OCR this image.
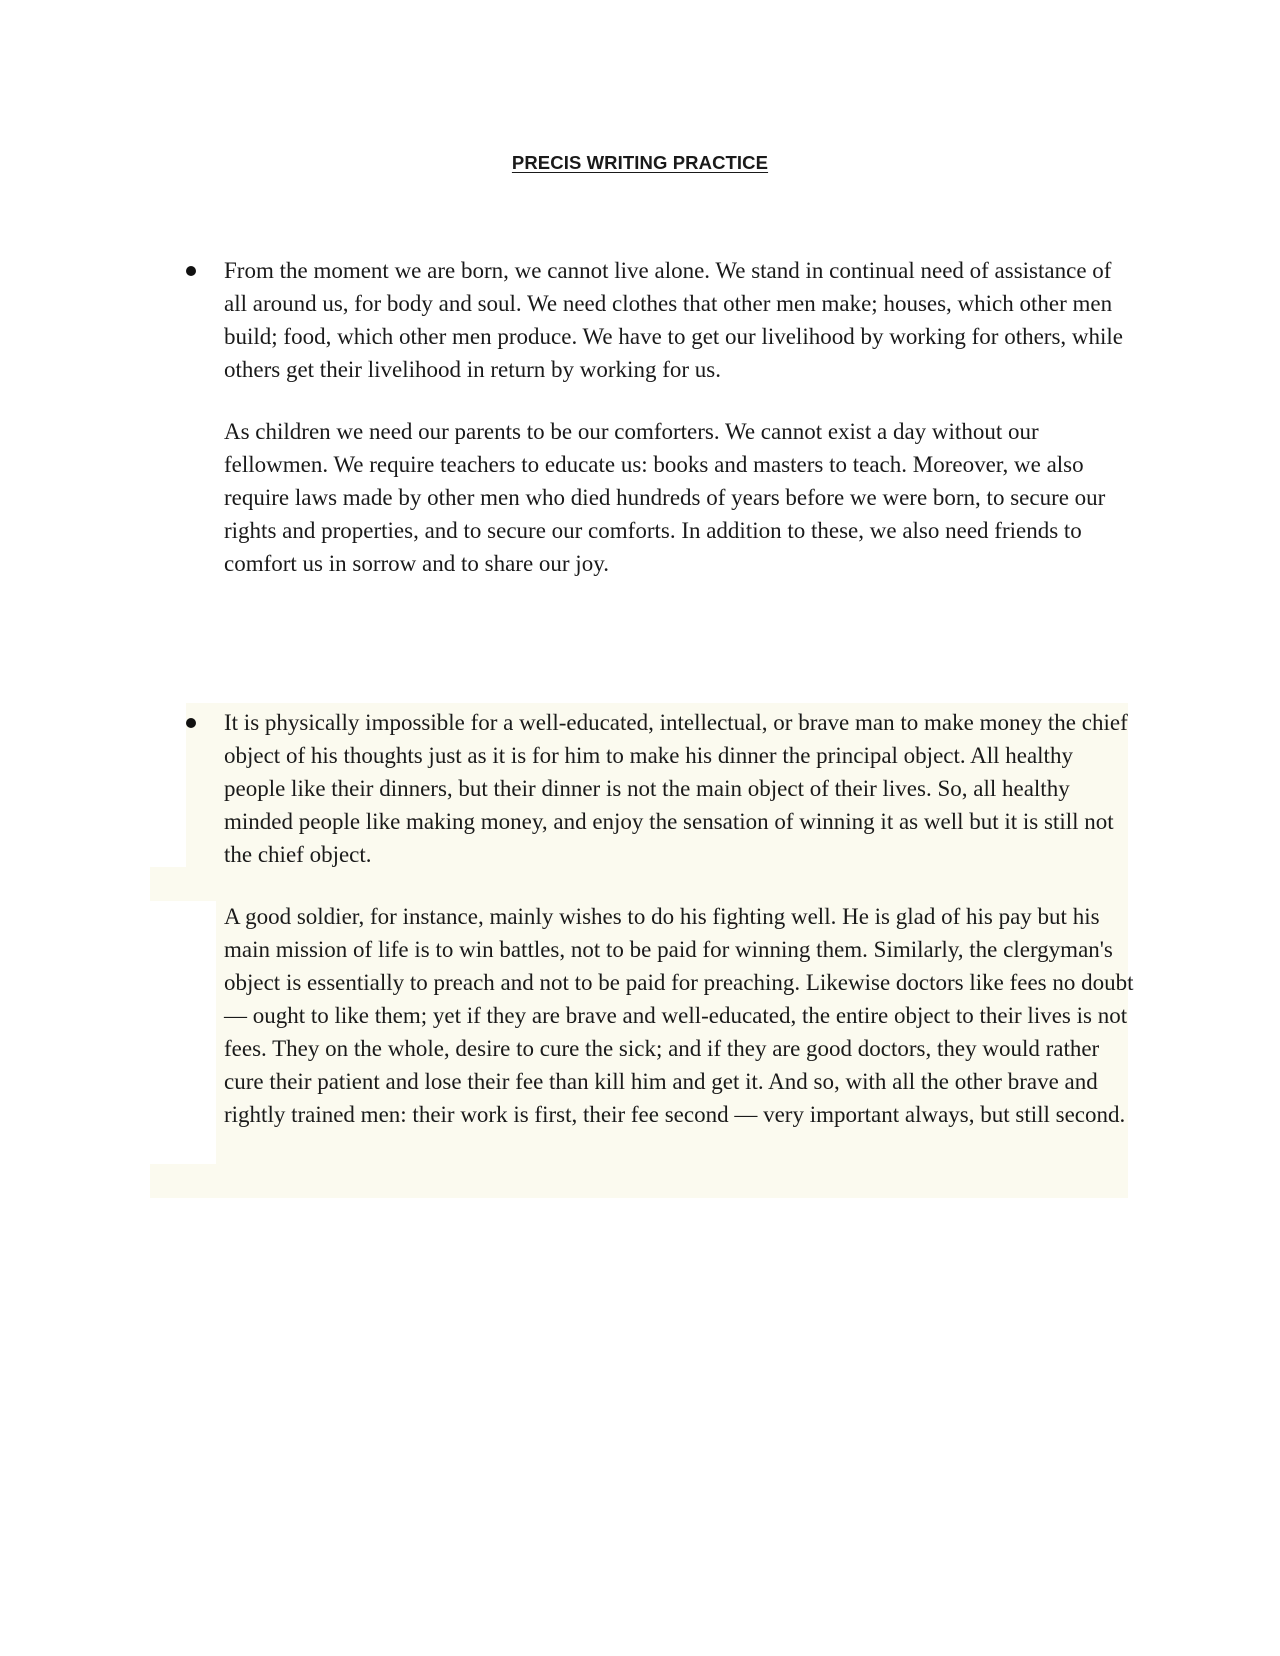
PRECIS WRITING PRACTICE

From the moment we are born, we cannot live alone. We stand in continual need of assistance of all around us, for body and soul. We need clothes that other men make; houses, which other men build; food, which other men produce. We have to get our livelihood by working for others, while others get their livelihood in return by working for us.

As children we need our parents to be our comforters. We cannot exist a day without our fellowmen. We require teachers to educate us: books and masters to teach. Moreover, we also require laws made by other men who died hundreds of years before we were born, to secure our rights and properties, and to secure our comforts. In addition to these, we also need friends to comfort us in sorrow and to share our joy.

It is physically impossible for a well-educated, intellectual, or brave man to make money the chief object of his thoughts just as it is for him to make his dinner the principal object. All healthy people like their dinners, but their dinner is not the main object of their lives. So, all healthy minded people like making money, and enjoy the sensation of winning it as well but it is still not the chief object.

A good soldier, for instance, mainly wishes to do his fighting well. He is glad of his pay but his main mission of life is to win battles, not to be paid for winning them. Similarly, the clergyman's object is essentially to preach and not to be paid for preaching. Likewise doctors like fees no doubt — ought to like them; yet if they are brave and well-educated, the entire object to their lives is not fees. They on the whole, desire to cure the sick; and if they are good doctors, they would rather cure their patient and lose their fee than kill him and get it. And so, with all the other brave and rightly trained men: their work is first, their fee second — very important always, but still second.
